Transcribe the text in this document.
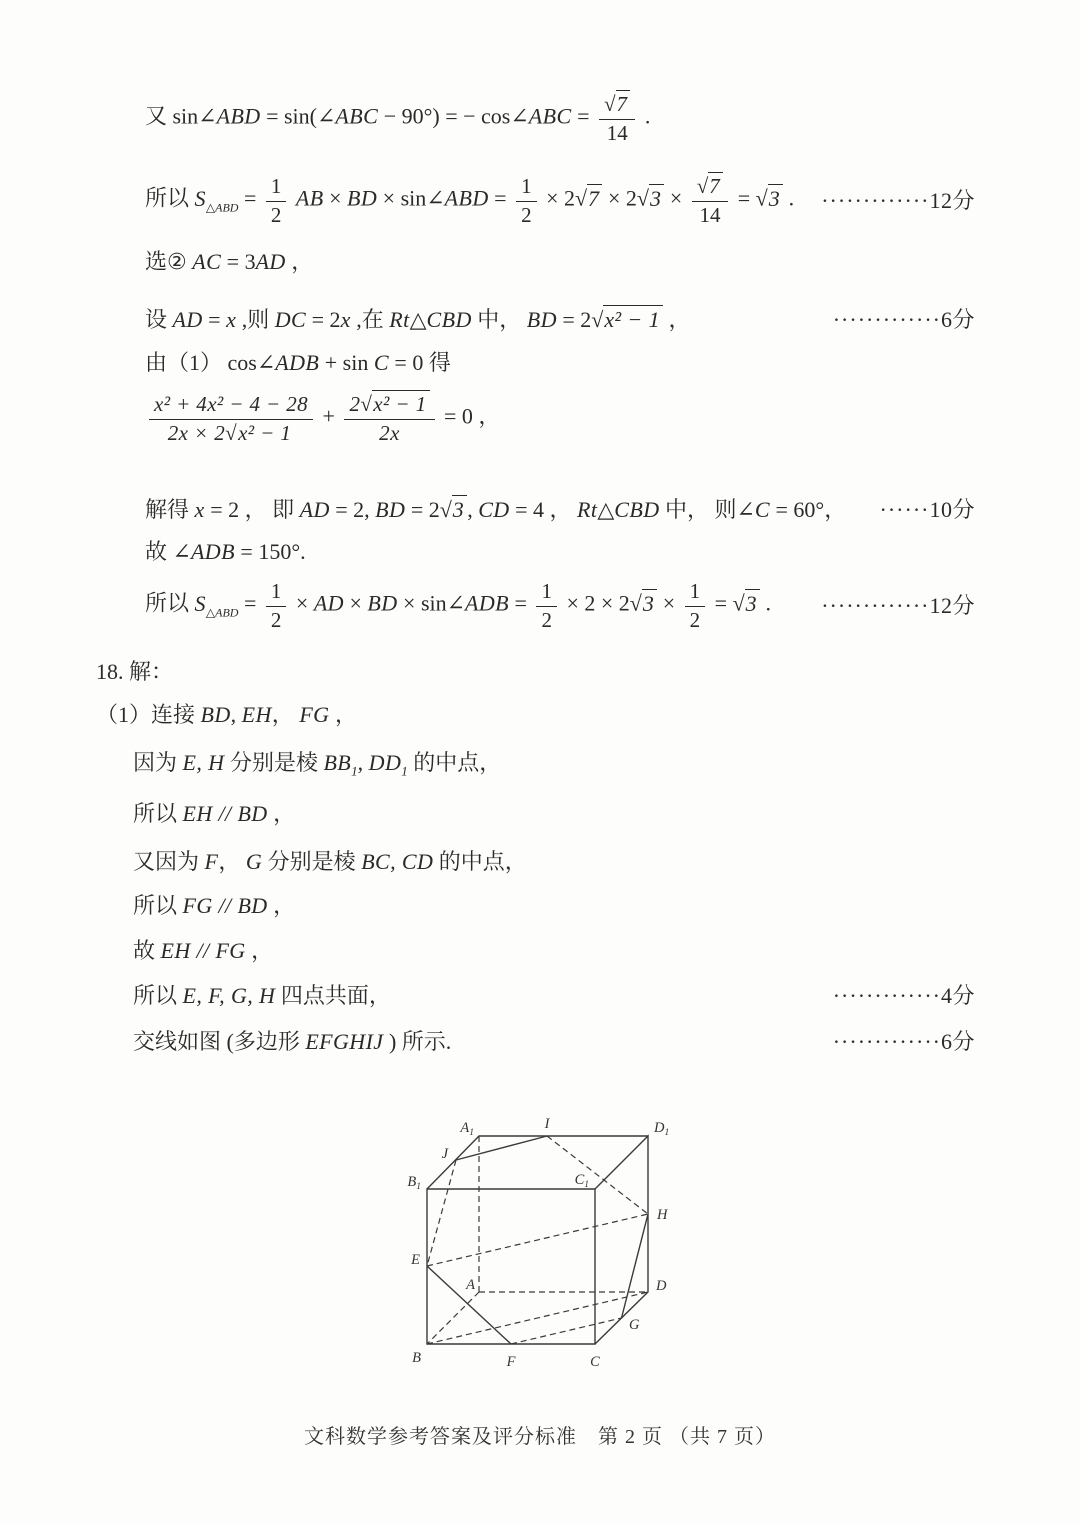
又 sin∠ABD = sin(∠ABC − 90°) = − cos∠ABC = $\frac{√7}{14}$ .
所以 $S_{\triangle ABD} = \frac{1}{2}$ AB × BD × sin∠ABD = $\frac{1}{2} \times 2√7 \times 2√3 \times \frac{√7}{14} = √3$ . ·············12分
选② AC = 3AD ，
设 AD = x ,则 DC = 2x ,在 Rt△CBD 中， BD = 2√x² − 1 ，	·············6分
由（1） cos∠ADB + sin C = 0 得
$\frac{\text{x² + 4x² − 4 − 28}}{\text{2x × 2√x² − 1}} + \frac{\text{2√x² − 1}}{2x} = 0$ ，
解得 x = 2 ， 即 AD = 2, BD = 2√3 , CD = 4 ， Rt△CBD 中， 则∠C = 60°， ······10分
故 ∠ADB = 150°.
所以 $S_{\triangle ABD} = \frac{1}{2}$ × AD × BD × sin∠ADB = $\frac{1}{2} \times 2 \times 2√3 \times \frac{1}{2} = √3$ . ·············12分
18. 解：
（1）连接 BD, EH， FG ，
因为 E, H 分别是棱 $BB_1$, $DD_1$ 的中点，
所以 EH // BD ，
又因为 F， G 分别是棱 BC, CD 的中点，
所以 FG // BD ，
故 EH // FG ，
所以 E, F, G, H 四点共面，	·············4分
交线如图 (多边形 EFGHIJ ) 所示.	·············6分
$A_1$
I	$D_1$
J
$B_1$	$C_1$
H
E
A	D
G
B	F	C
文科数学参考答案及评分标准　第 2 页 （共 7 页）
